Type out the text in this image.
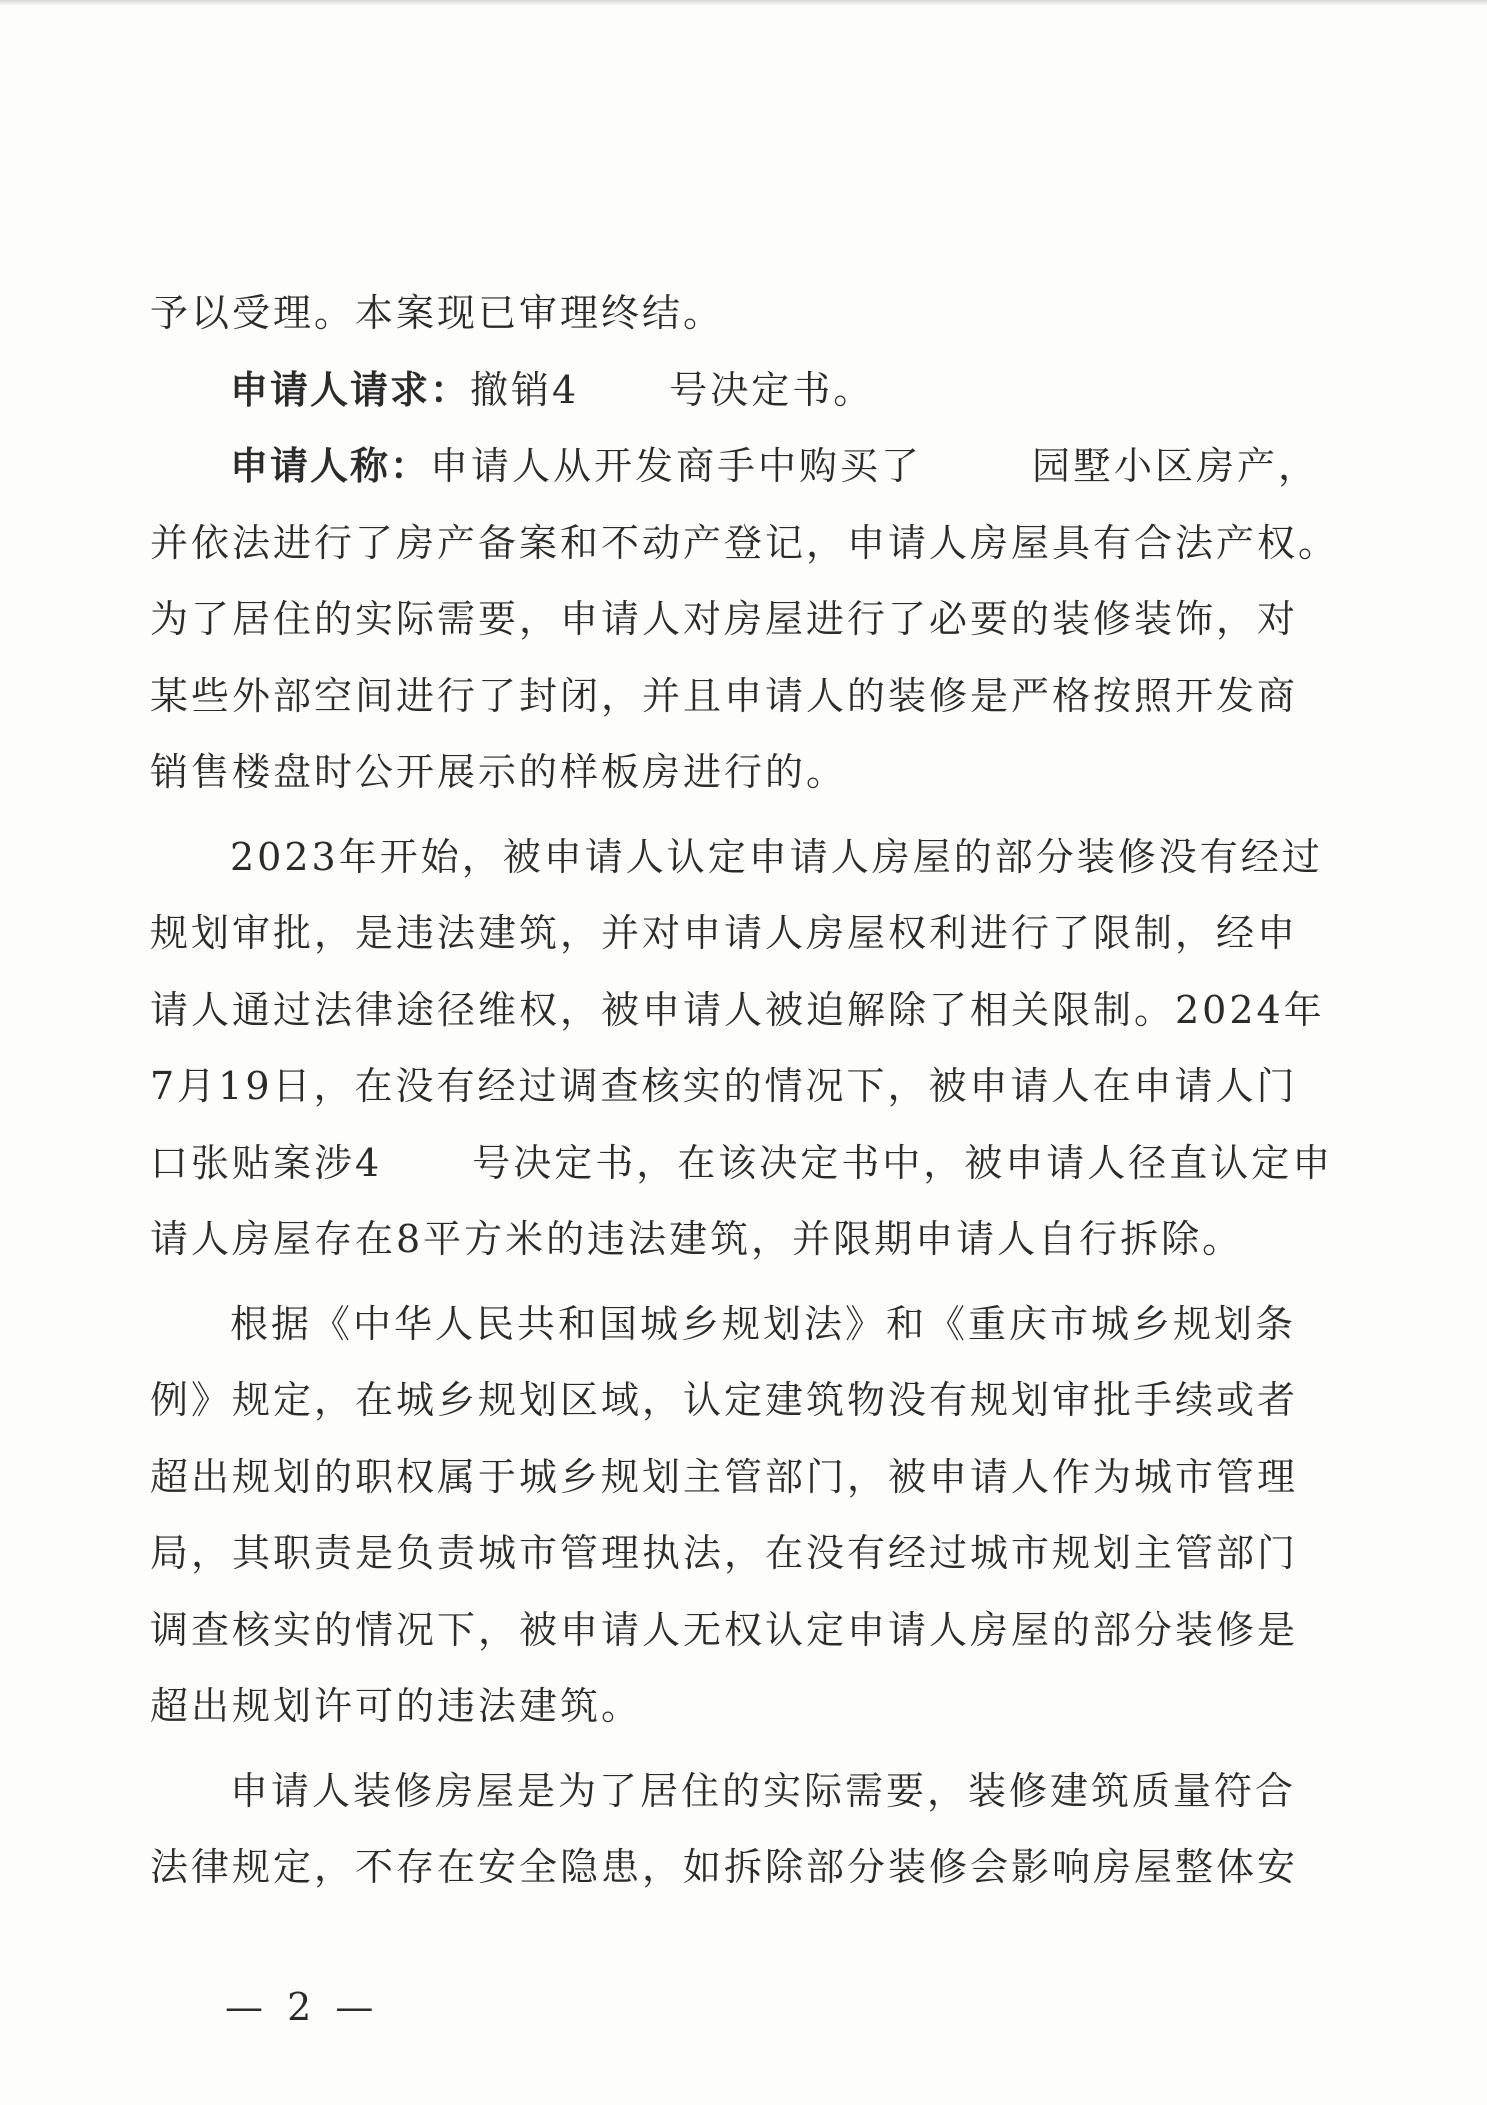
予以受理。本案现已审理终结。
申请人请求：撤销4 号决定书。
申请人称：申请人从开发商手中购买了	园墅小区房产，
并依法进行了房产备案和不动产登记，申请人房屋具有合法产权。
为了居住的实际需要，申请人对房屋进行了必要的装修装饰，对
某些外部空间进行了封闭，并且申请人的装修是严格按照开发商
销售楼盘时公开展示的样板房进行的。
2023年开始，被申请人认定申请人房屋的部分装修没有经过
规划审批，是违法建筑，并对申请人房屋权利进行了限制，经申
请人通过法律途径维权，被申请人被迫解除了相关限制。2024年
7月19日，在没有经过调查核实的情况下，被申请人在申请人门
口张贴案涉4 号决定书，在该决定书中，被申请人径直认定申
请人房屋存在8平方米的违法建筑，并限期申请人自行拆除。
根据《中华人民共和国城乡规划法》和《重庆市城乡规划条
例》规定，在城乡规划区域，认定建筑物没有规划审批手续或者
超出规划的职权属于城乡规划主管部门，被申请人作为城市管理
局，其职责是负责城市管理执法，在没有经过城市规划主管部门
调查核实的情况下，被申请人无权认定申请人房屋的部分装修是
超出规划许可的违法建筑。
申请人装修房屋是为了居住的实际需要，装修建筑质量符合
法律规定，不存在安全隐患，如拆除部分装修会影响房屋整体安
— 2 —
